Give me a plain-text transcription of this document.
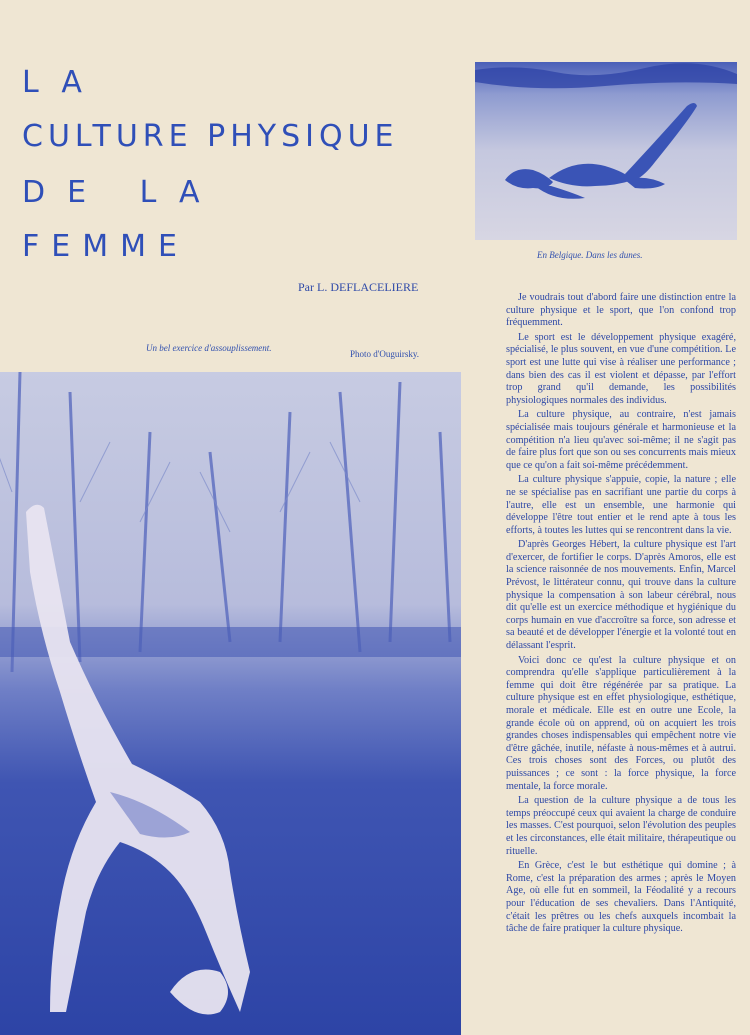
LA
CULTURE PHYSIQUE
DE LA
FEMME	En Belgique. Dans les dunes.
Par L. DEFLACELIERE
Un bel exercice d'assouplissement.
Photo d'Ouguirsky.

Je voudrais tout d'abord faire une distinction entre la culture physique et le sport, que l'on confond trop fréquemment.

Le sport est le développement physique exagéré, spécialisé, le plus souvent, en vue d'une compétition. Le sport est une lutte qui vise à réaliser une performance ; dans bien des cas il est violent et dépasse, par l'effort trop grand qu'il demande, les possibilités physiologiques normales des individus.

La culture physique, au contraire, n'est jamais spécialisée mais toujours générale et harmonieuse et la compétition n'a lieu qu'avec soi-même; il ne s'agit pas de faire plus fort que son ou ses concurrents mais mieux que ce qu'on a fait soi-même précédemment.

La culture physique s'appuie, copie, la nature ; elle ne se spécialise pas en sacrifiant une partie du corps à l'autre, elle est un ensemble, une harmonie qui développe l'être tout entier et le rend apte à tous les efforts, à toutes les luttes qui se rencontrent dans la vie.

D'après Georges Hébert, la culture physique est l'art d'exercer, de fortifier le corps. D'après Amoros, elle est la science raisonnée de nos mouvements. Enfin, Marcel Prévost, le littérateur connu, qui trouve dans la culture physique la compensation à son labeur cérébral, nous dit qu'elle est un exercice méthodique et hygiénique du corps humain en vue d'accroître sa force, son adresse et sa beauté et de développer l'énergie et la volonté tout en délassant l'esprit.

Voici donc ce qu'est la culture physique et on comprendra qu'elle s'applique particulièrement à la femme qui doit être régénérée par sa pratique. La culture physique est en effet physiologique, esthétique, morale et médicale. Elle est en outre une Ecole, la grande école où on apprend, où on acquiert les trois grandes choses indispensables qui empêchent notre vie d'être gâchée, inutile, néfaste à nous-mêmes et à autrui. Ces trois choses sont des Forces, ou plutôt des puissances ; ce sont : la force physique, la force mentale, la force morale.

La question de la culture physique a de tous les temps préoccupé ceux qui avaient la charge de conduire les masses. C'est pourquoi, selon l'évolution des peuples et les circonstances, elle était militaire, thérapeutique ou rituelle.

En Grèce, c'est le but esthétique qui domine ; à Rome, c'est la préparation des armes ; après le Moyen Age, où elle fut en sommeil, la Féodalité y a recours pour l'éducation de ses chevaliers. Dans l'Antiquité, c'était les prêtres ou les chefs auxquels incombait la tâche de faire pratiquer la culture physique.
